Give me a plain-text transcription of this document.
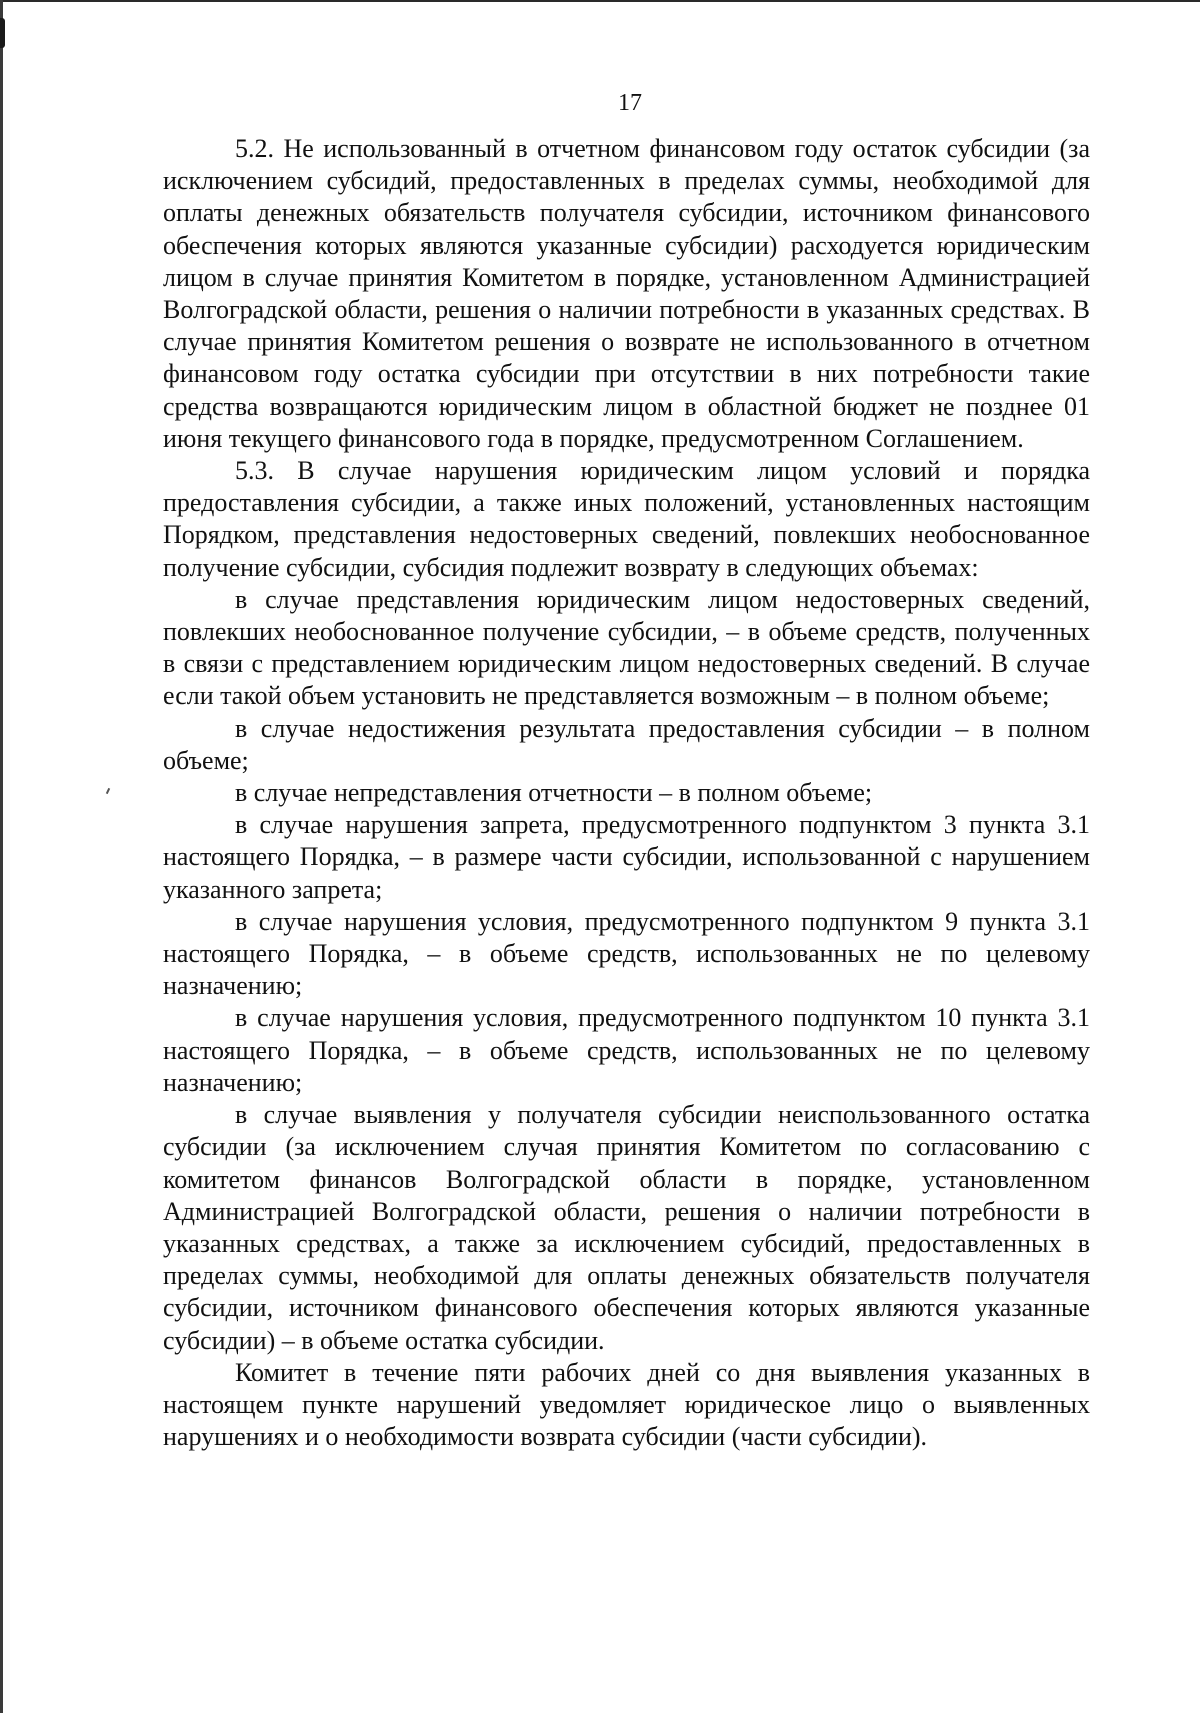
17

5.2. Не использованный в отчетном финансовом году остаток субсидии (за исключением субсидий, предоставленных в пределах суммы, необходимой для оплаты денежных обязательств получателя субсидии, источником финансового обеспечения которых являются указанные субсидии) расходуется юридическим лицом в случае принятия Комитетом в порядке, установленном Администрацией Волгоградской области, решения о наличии потребности в указанных средствах. В случае принятия Комитетом решения о возврате не использованного в отчетном финансовом году остатка субсидии при отсутствии в них потребности такие средства возвращаются юридическим лицом в областной бюджет не позднее 01 июня текущего финансового года в порядке, предусмотренном Соглашением.

5.3. В случае нарушения юридическим лицом условий и порядка предоставления субсидии, а также иных положений, установленных настоящим Порядком, представления недостоверных сведений, повлекших необоснованное получение субсидии, субсидия подлежит возврату в следующих объемах:

в случае представления юридическим лицом недостоверных сведений, повлекших необоснованное получение субсидии, – в объеме средств, полученных в связи с представлением юридическим лицом недостоверных сведений. В случае если такой объем установить не представляется возможным – в полном объеме;

в случае недостижения результата предоставления субсидии – в полном объеме;

в случае непредставления отчетности – в полном объеме;

в случае нарушения запрета, предусмотренного подпунктом 3 пункта 3.1 настоящего Порядка, – в размере части субсидии, использованной с нарушением указанного запрета;

в случае нарушения условия, предусмотренного подпунктом 9 пункта 3.1 настоящего Порядка, – в объеме средств, использованных не по целевому назначению;

в случае нарушения условия, предусмотренного подпунктом 10 пункта 3.1 настоящего Порядка, – в объеме средств, использованных не по целевому назначению;

в случае выявления у получателя субсидии неиспользованного остатка субсидии (за исключением случая принятия Комитетом по согласованию с комитетом финансов Волгоградской области в порядке, установленном Администрацией Волгоградской области, решения о наличии потребности в указанных средствах, а также за исключением субсидий, предоставленных в пределах суммы, необходимой для оплаты денежных обязательств получателя субсидии, источником финансового обеспечения которых являются указанные субсидии) – в объеме остатка субсидии.

Комитет в течение пяти рабочих дней со дня выявления указанных в настоящем пункте нарушений уведомляет юридическое лицо о выявленных нарушениях и о необходимости возврата субсидии (части субсидии).
